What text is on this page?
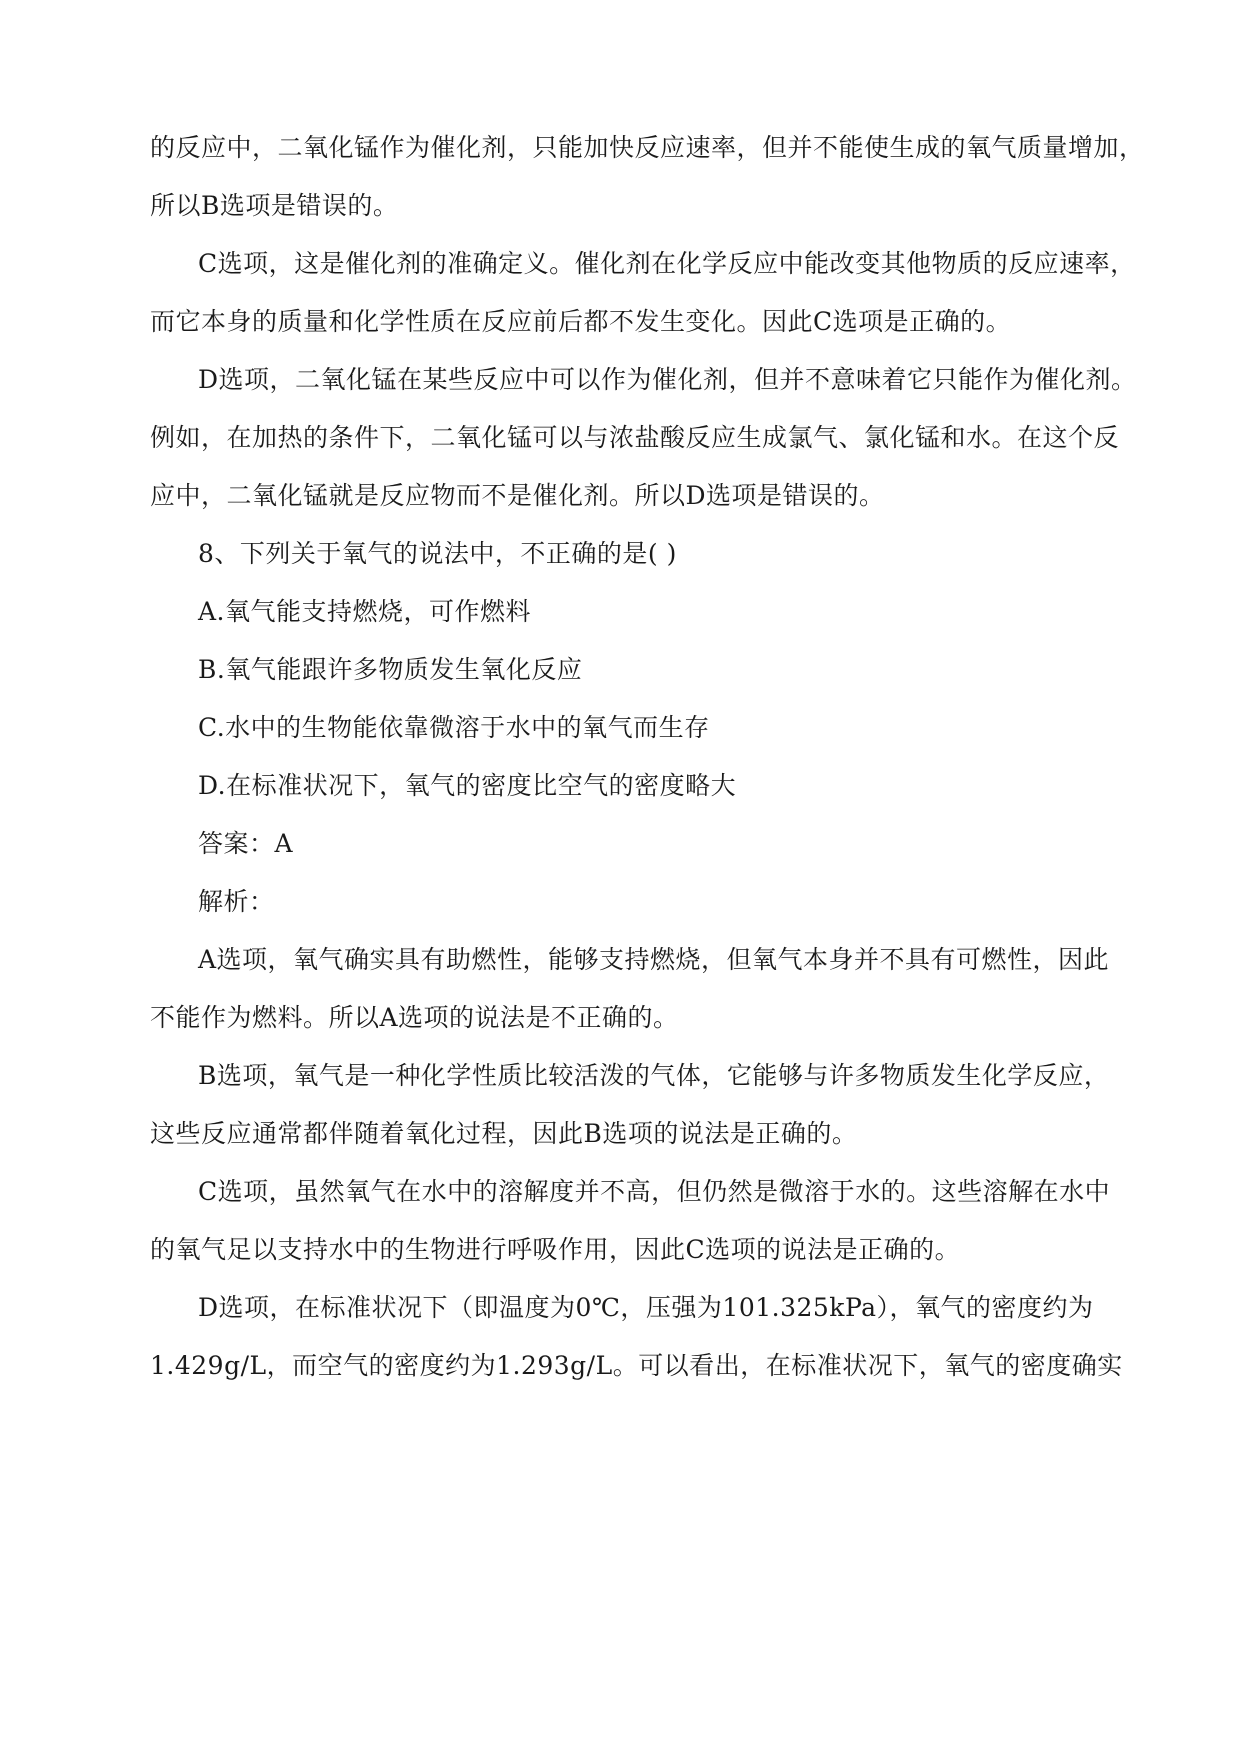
的反应中，二氧化锰作为催化剂，只能加快反应速率，但并不能使生成的氧气质量增加，
所以B选项是错误的。
C选项，这是催化剂的准确定义。催化剂在化学反应中能改变其他物质的反应速率，
而它本身的质量和化学性质在反应前后都不发生变化。因此C选项是正确的。
D选项，二氧化锰在某些反应中可以作为催化剂，但并不意味着它只能作为催化剂。
例如，在加热的条件下，二氧化锰可以与浓盐酸反应生成氯气、氯化锰和水。在这个反
应中，二氧化锰就是反应物而不是催化剂。所以D选项是错误的。
8、下列关于氧气的说法中，不正确的是( )
A.氧气能支持燃烧，可作燃料
B.氧气能跟许多物质发生氧化反应
C.水中的生物能依靠微溶于水中的氧气而生存
D.在标准状况下，氧气的密度比空气的密度略大
答案：A
解析：
A选项，氧气确实具有助燃性，能够支持燃烧，但氧气本身并不具有可燃性，因此
不能作为燃料。所以A选项的说法是不正确的。
B选项，氧气是一种化学性质比较活泼的气体，它能够与许多物质发生化学反应，
这些反应通常都伴随着氧化过程，因此B选项的说法是正确的。
C选项，虽然氧气在水中的溶解度并不高，但仍然是微溶于水的。这些溶解在水中
的氧气足以支持水中的生物进行呼吸作用，因此C选项的说法是正确的。
D选项，在标准状况下（即温度为0℃，压强为101.325kPa），氧气的密度约为
1.429g/L，而空气的密度约为1.293g/L。可以看出，在标准状况下，氧气的密度确实
